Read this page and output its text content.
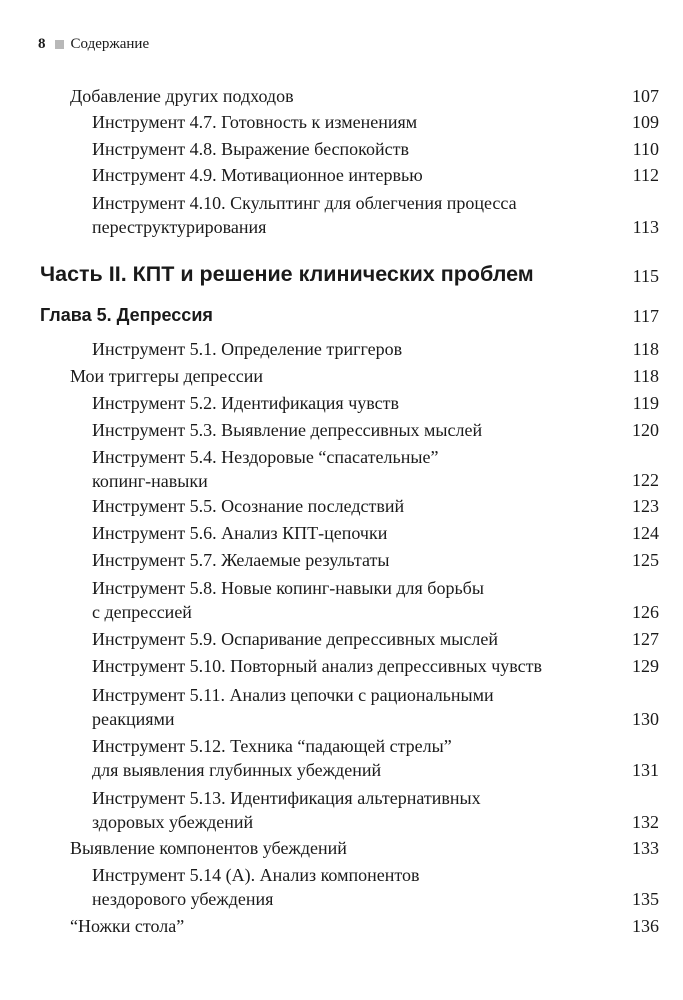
8 Содержание
Добавление других подходов	107
Инструмент 4.7. Готовность к изменениям	109
Инструмент 4.8. Выражение беспокойств	110
Инструмент 4.9. Мотивационное интервью	112
Инструмент 4.10. Скульптинг для облегчения процесса
переструктурирования	113
Часть II. КПТ и решение клинических проблем	115
Глава 5. Депрессия	117
Инструмент 5.1. Определение триггеров	118
Мои триггеры депрессии	118
Инструмент 5.2. Идентификация чувств	119
Инструмент 5.3. Выявление депрессивных мыслей	120
Инструмент 5.4. Нездоровые “спасательные”
копинг-навыки	122
Инструмент 5.5. Осознание последствий	123
Инструмент 5.6. Анализ КПТ-цепочки	124
Инструмент 5.7. Желаемые результаты	125
Инструмент 5.8. Новые копинг-навыки для борьбы
с депрессией	126
Инструмент 5.9. Оспаривание депрессивных мыслей	127
Инструмент 5.10. Повторный анализ депрессивных чувств	129
Инструмент 5.11. Анализ цепочки с рациональными
реакциями	130
Инструмент 5.12. Техника “падающей стрелы”
для выявления глубинных убеждений	131
Инструмент 5.13. Идентификация альтернативных
здоровых убеждений	132
Выявление компонентов убеждений	133
Инструмент 5.14 (А). Анализ компонентов
нездорового убеждения	135
“Ножки стола”	136
